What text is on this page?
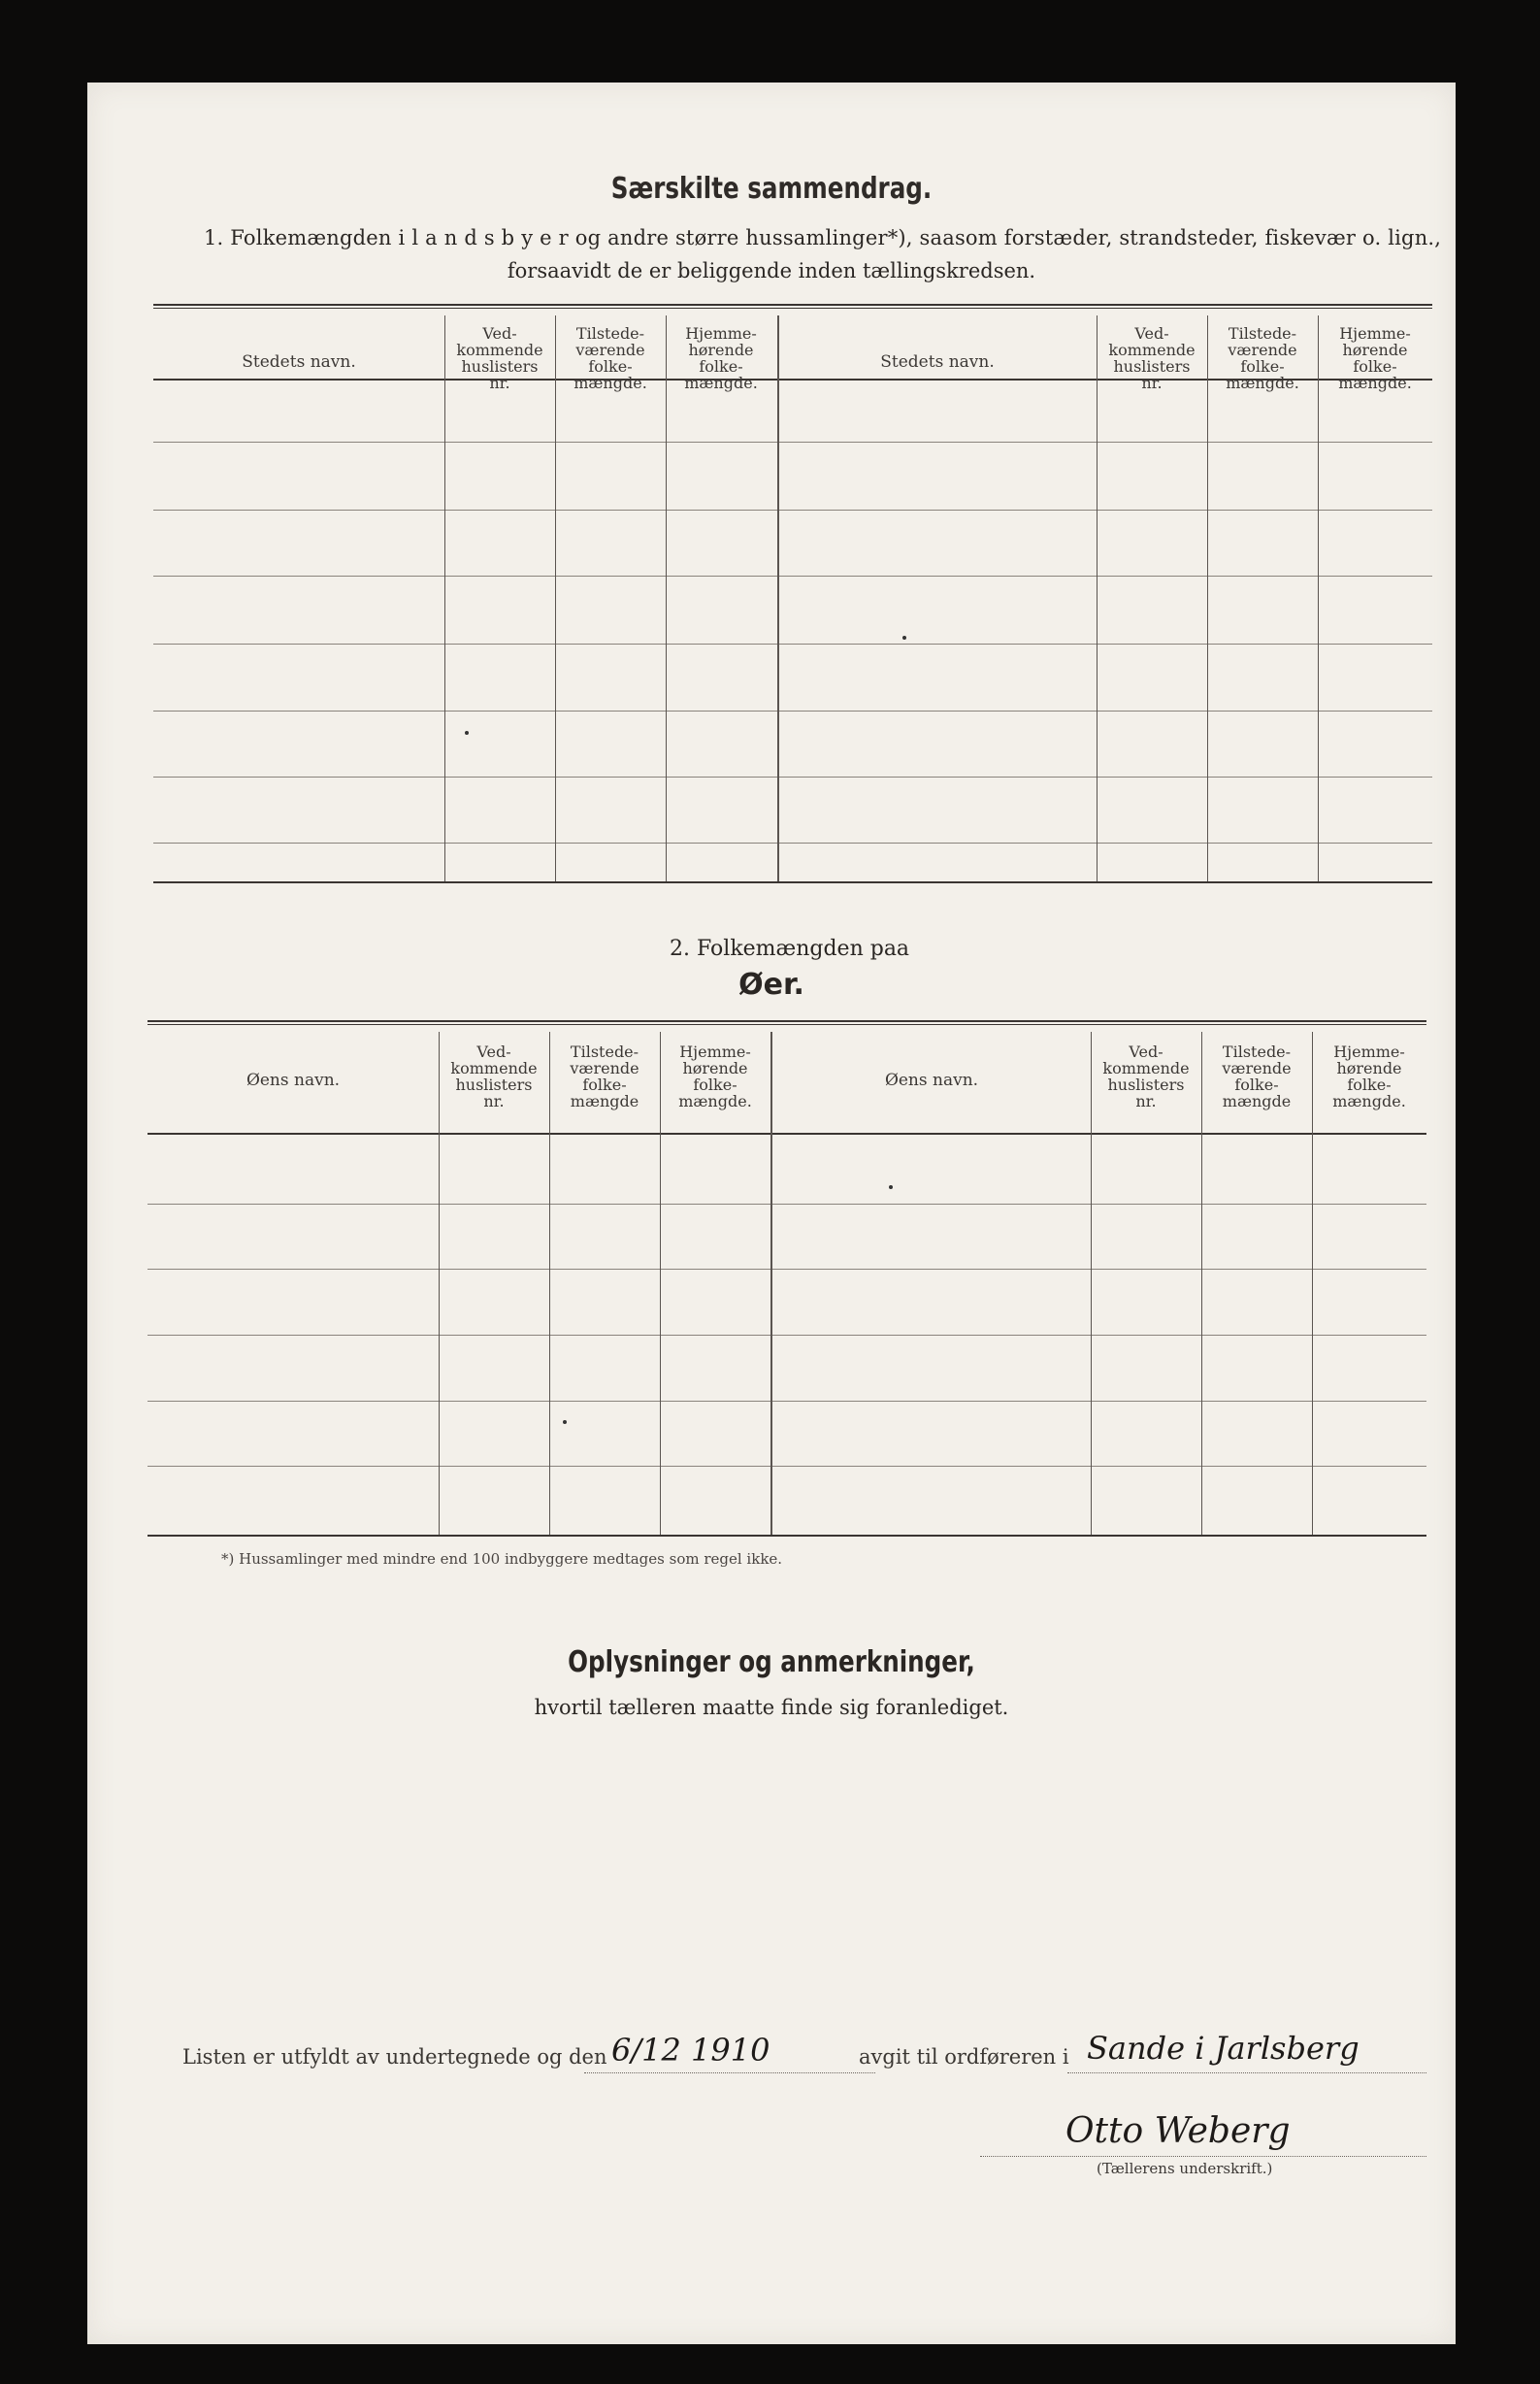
Særskilte sammendrag.
1. Folkemængden i l a n d s b y e r og andre større hussamlinger*), saasom forstæder, strandsteder, fiskevær o. lign.,
forsaavidt de er beliggende inden tællingskredsen.
Stedets navn.
Ved-
kommende
huslisters
nr.
Tilstede-
værende
folke-
mængde.
Hjemme-
hørende
folke-
mængde.
Stedets navn.
Ved-
kommende
huslisters
nr.
Tilstede-
værende
folke-
mængde.
Hjemme-
hørende
folke-
mængde.
2. Folkemængden paa
Øer.
Øens navn.
Ved-
kommende
huslisters
nr.
Tilstede-
værende
folke-
mængde
Hjemme-
hørende
folke-
mængde.
Øens navn.
Ved-
kommende
huslisters
nr.
Tilstede-
værende
folke-
mængde
Hjemme-
hørende
folke-
mængde.
*) Hussamlinger med mindre end 100 indbyggere medtages som regel ikke.
Oplysninger og anmerkninger,
hvortil tælleren maatte finde sig foranlediget.
Listen er utfyldt av undertegnede og den 6/12 1910	avgit til ordføreren i Sande i Jarlsberg
Otto Weberg
(Tællerens underskrift.)
